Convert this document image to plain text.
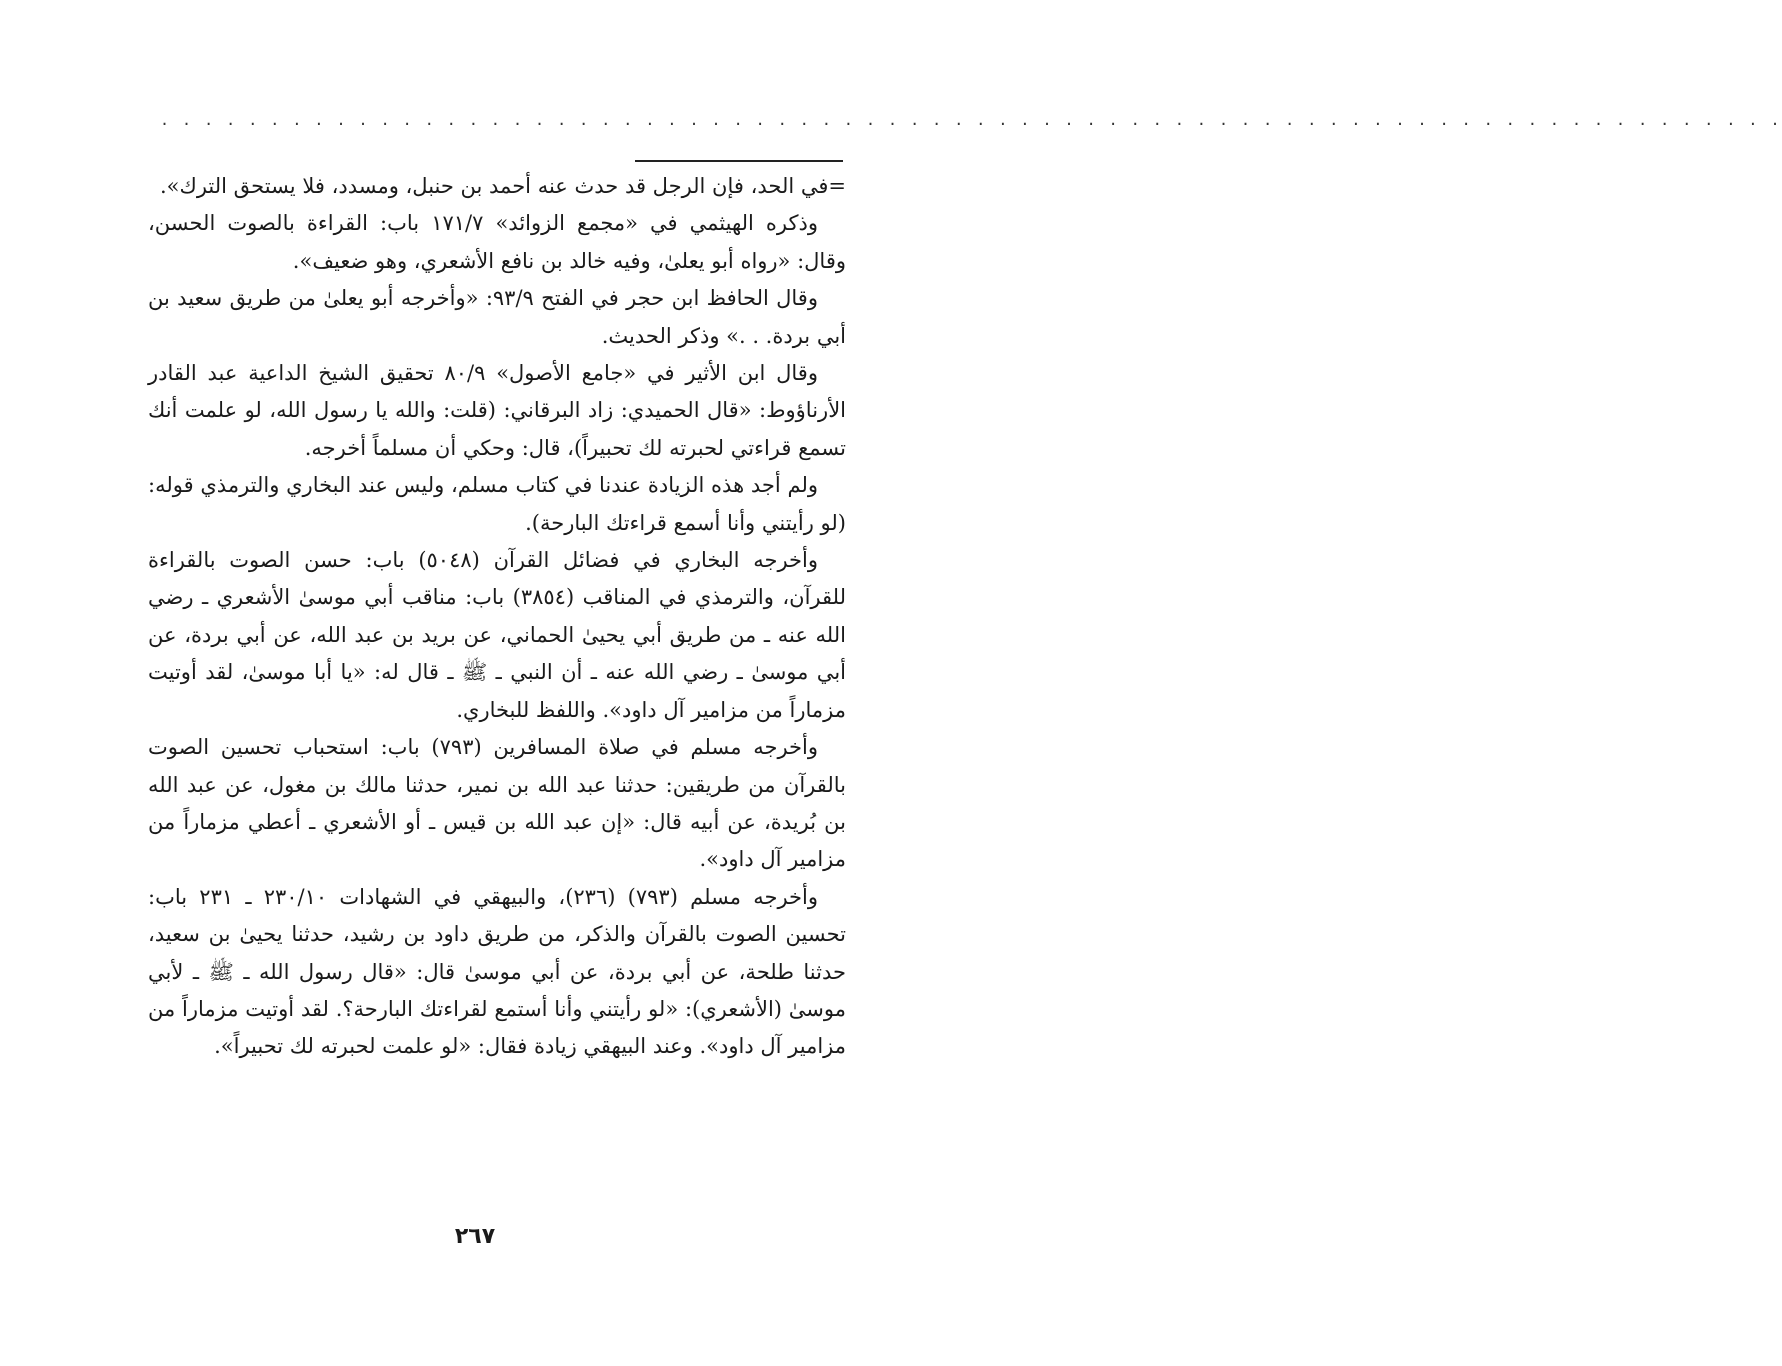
. . . . . . . . . . . . . . . . . . . . . . . . . . . . . . . . . . . . . . . . . . . . . . . . . . . . . . . . . . . . . . . . . . . . . . . . . .

=في الحد، فإن الرجل قد حدث عنه أحمد بن حنبل، ومسدد، فلا يستحق الترك».

وذكره الهيثمي في «مجمع الزوائد» ١٧١/٧ باب: القراءة بالصوت الحسن، وقال: «رواه أبو يعلىٰ، وفيه خالد بن نافع الأشعري، وهو ضعيف».

وقال الحافظ ابن حجر في الفتح ٩٣/٩: «وأخرجه أبو يعلىٰ من طريق سعيد بن أبي بردة. . .» وذكر الحديث.

وقال ابن الأثير في «جامع الأصول» ٨٠/٩ تحقيق الشيخ الداعية عبد القادر الأرناؤوط: «قال الحميدي: زاد البرقاني: (قلت: والله يا رسول الله، لو علمت أنك تسمع قراءتي لحبرته لك تحبيراً)، قال: وحكي أن مسلماً أخرجه.

ولم أجد هذه الزيادة عندنا في كتاب مسلم، وليس عند البخاري والترمذي قوله: (لو رأيتني وأنا أسمع قراءتك البارحة).

وأخرجه البخاري في فضائل القرآن (٥٠٤٨) باب: حسن الصوت بالقراءة للقرآن، والترمذي في المناقب (٣٨٥٤) باب: مناقب أبي موسىٰ الأشعري ـ رضي الله عنه ـ من طريق أبي يحيىٰ الحماني، عن بريد بن عبد الله، عن أبي بردة، عن أبي موسىٰ ـ رضي الله عنه ـ أن النبي ـ ﷺ ـ قال له: «يا أبا موسىٰ، لقد أوتيت مزماراً من مزامير آل داود». واللفظ للبخاري.

وأخرجه مسلم في صلاة المسافرين (٧٩٣) باب: استحباب تحسين الصوت بالقرآن من طريقين: حدثنا عبد الله بن نمير، حدثنا مالك بن مغول، عن عبد الله بن بُريدة، عن أبيه قال: «إن عبد الله بن قيس ـ أو الأشعري ـ أعطي مزماراً من مزامير آل داود».

وأخرجه مسلم (٧٩٣) (٢٣٦)، والبيهقي في الشهادات ٢٣٠/١٠ ـ ٢٣١ باب: تحسين الصوت بالقرآن والذكر، من طريق داود بن رشيد، حدثنا يحيىٰ بن سعيد، حدثنا طلحة، عن أبي بردة، عن أبي موسىٰ قال: «قال رسول الله ـ ﷺ ـ لأبي موسىٰ (الأشعري): «لو رأيتني وأنا أستمع لقراءتك البارحة؟. لقد أوتيت مزماراً من مزامير آل داود». وعند البيهقي زيادة فقال: «لو علمت لحبرته لك تحبيراً».

٢٦٧
